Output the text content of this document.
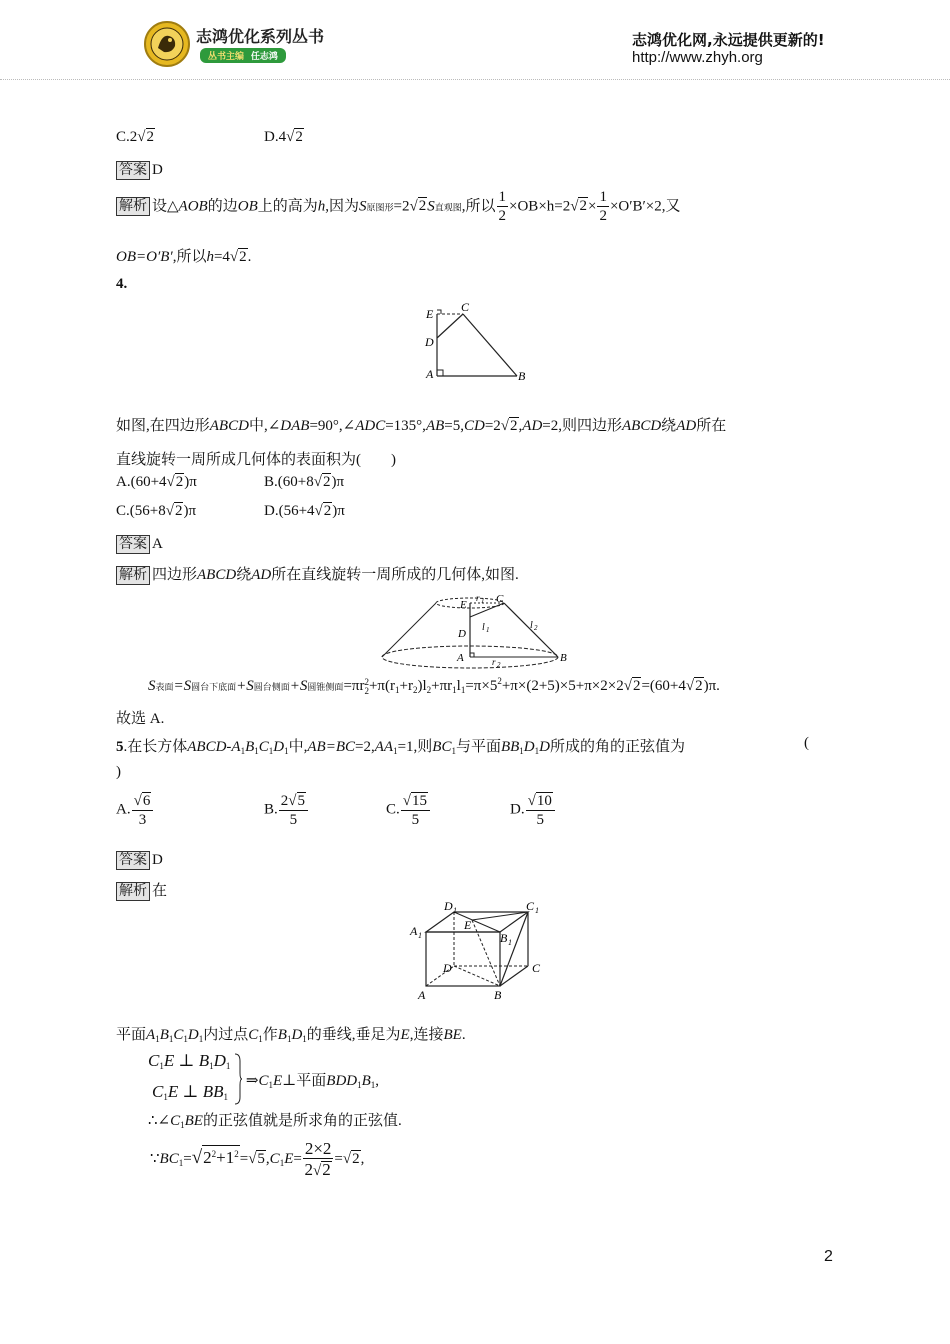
志鸿优化系列丛书
丛书主编 任志鸿
志鸿优化网,永远提供更新的!
http://www.zhyh.org
C.2√2	D.4√2
答案 D
解析 设△AOB的边OB上的高为h,因为S原图形=2√2S直观图,所以 $\frac{1}{2} \times OB\times h=2√2\times \frac{1}{2} \times O'B'\times 2$,又
OB=O′B′,所以h=4√2.
4.
E C
D
A	B
如图,在四边形ABCD中,∠DAB=90°,∠ADC=135°,AB=5,CD=2√2,AD=2,则四边形ABCD绕AD所在
直线旋转一周所成几何体的表面积为(　　)
A.(60+4√2)π	B.(60+8√2)π
C.(56+8√2)π	D.(56+4√2)π
答案 A
解析 四边形ABCD绕AD所在直线旋转一周所成的几何体,如图.
E
r 1 C
D
l 1	l 2
A	r 2
B
S表面=S圆台下底面+S圆台侧面+S圆锥侧面=πr 2
$2 +\pi(r_1+r_2)l_2+\pi r_1l_1=\pi\times 5^2+\pi\times(2+5)\times 5+\pi\times 2\times 2√2=(60+4√2)\pi$.
故选 A.
5.在长方体ABCD-$A_1B_1C_1D_1$中$,AB=BC=2,AA_1=1$,则$BC_1$与平面$BB_1D_1D$所成的角的正弦值为	(
)
A. $\frac{√6}{3}$	B. $\frac{2√5}{5}$	C. $\frac{√15}{5}$	D. $\frac{√10}{5}$
答案 D
解析 在
D 1	C 1
A 1	B 1
E
D	C
A	B
平面$A_1B_1C_1D_1$内过点$C_1$作$B_1D_1$的垂线,垂足为E,连接BE.
$C_1E$ ⊥ $B_1D_1$
$C_1E$ ⊥ $BB_1$
$\Rightarrow C_1E\perp$平面$BDD_1B_1$,
$\therefore\angle C_1BE$的正弦值就是所求角的正弦值.
$\because BC_1=√2^2+1^2=√5,C_1E= \frac{2\times 2}{2√2} =√2$,
2
